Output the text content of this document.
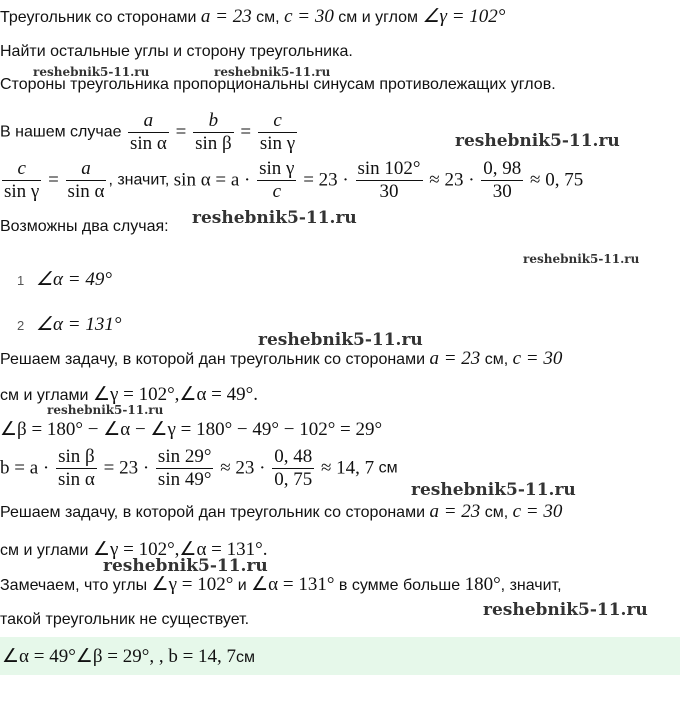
Треугольник со сторонами a = 23 см, c = 30 см и углом ∠γ = 102°
Найти остальные углы и сторону треугольника.
Стороны треугольника пропорциональны синусам противолежащих углов.
В нашем случае $\frac{a}{\text{sin α}} = \frac{b}{\text{sin β}} = \frac{c}{\text{sin γ}}$
$\frac{c}{\text{sin γ}} = \frac{a}{\text{sin α}}$ , значит, $\sin \alpha = a \cdot \frac{\text{sin γ}}{c} = 23 \cdot \frac{\sin 102^\circ}{30} \approx 23 \cdot \frac{0, 98}{30} \approx 0$, 75
Возможны два случая:
1 ∠α = 49°
2 ∠α = 131°
Решаем задачу, в которой дан треугольник со сторонами a = 23 см, c = 30
см и углами ∠γ = 102°,∠α = 49°.
∠β = 180° − ∠α − ∠γ = 180° − 49° − 102° = 29°
$b = a \cdot \frac{\text{sin β}}{\text{sin α}} = 23 \cdot \frac{\sin 29^\circ}{\sin 49^\circ} \approx 23 \cdot \frac{0, 48}{0, 75} \approx 14$, 7 см
Решаем задачу, в которой дан треугольник со сторонами a = 23 см, c = 30
см и углами ∠γ = 102°,∠α = 131°.
Замечаем, что углы ∠γ = 102° и ∠α = 131° в сумме больше 180°, значит,
такой треугольник не существует.
∠α = 49°∠β = 29°, , b = 14, 7см
reshebnik5-11.ru	reshebnik5-11.ru
reshebnik5-11.ru
reshebnik5-11.ru
reshebnik5-11.ru
reshebnik5-11.ru
reshebnik5-11.ru
reshebnik5-11.ru
reshebnik5-11.ru
reshebnik5-11.ru
